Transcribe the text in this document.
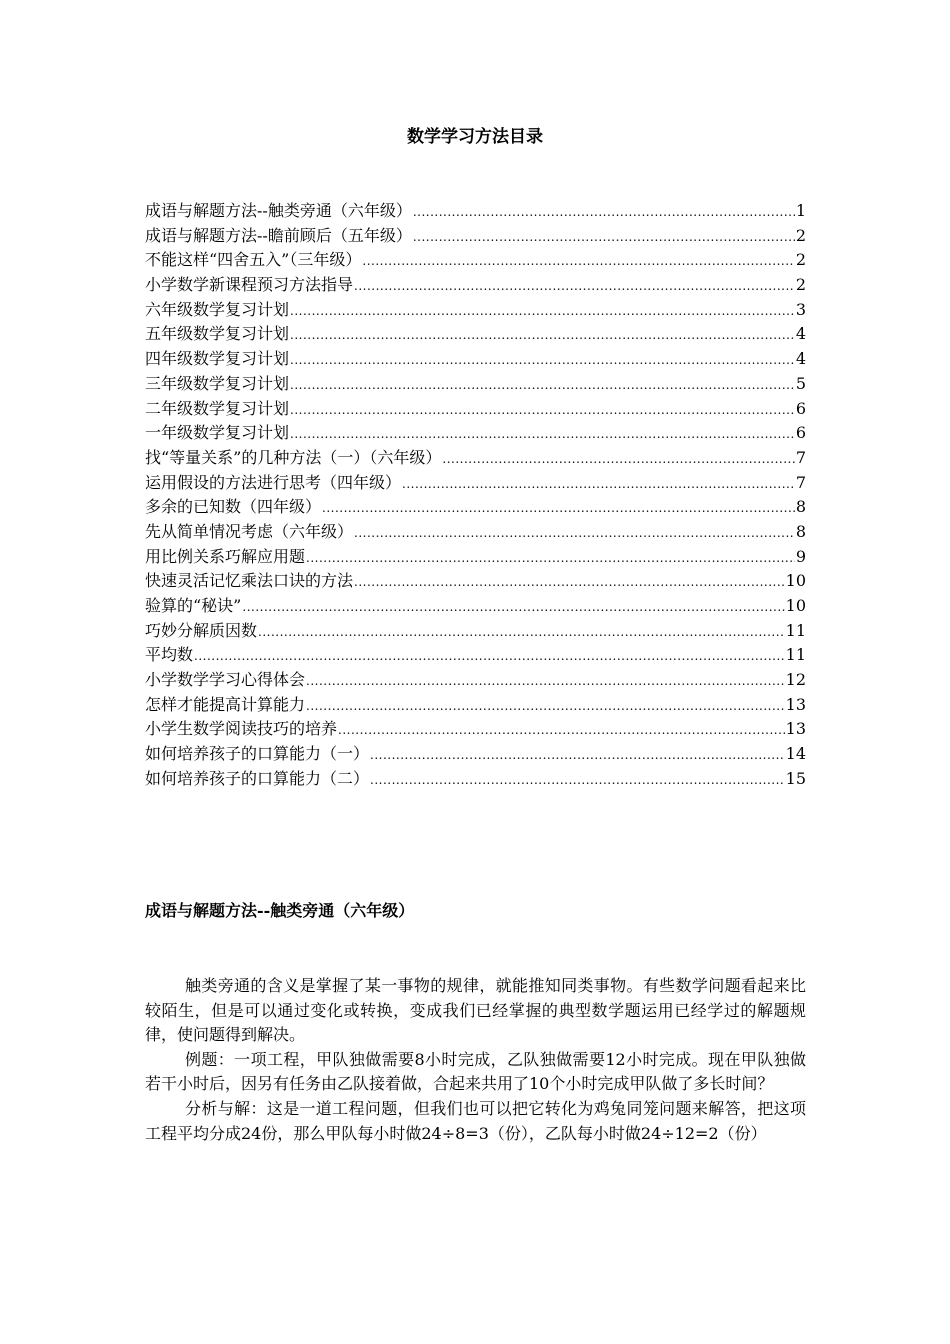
数学学习方法目录
成语与解题方法--触类旁通（六年级） .....	1
成语与解题方法--瞻前顾后（五年级） .....	2
不能这样“四舍五入”（三年级） .....	2
小学数学新课程预习方法指导 .....	2
六年级数学复习计划 .....	3
五年级数学复习计划 .....	4
四年级数学复习计划 .....	4
三年级数学复习计划 .....	5
二年级数学复习计划 .....	6
一年级数学复习计划 .....	6
找“等量关系”的几种方法（一）（六年级） .....	7
运用假设的方法进行思考（四年级） .....	7
多余的已知数（四年级） .....	8
先从简单情况考虑（六年级） .....	8
用比例关系巧解应用题 .....	9
快速灵活记忆乘法口诀的方法 .....	10
验算的“秘诀” .....	10
巧妙分解质因数 .....	11
平均数 .....	11
小学数学学习心得体会 .....	12
怎样才能提高计算能力 .....	13
小学生数学阅读技巧的培养 .....	13
如何培养孩子的口算能力（一） .....	14
如何培养孩子的口算能力（二） .....	15
成语与解题方法--触类旁通（六年级）

触类旁通的含义是掌握了某一事物的规律，就能推知同类事物。有些数学问题看起来比较陌生，但是可以通过变化或转换，变成我们已经掌握的典型数学题运用已经学过的解题规律，使问题得到解决。

例题：一项工程，甲队独做需要8小时完成，乙队独做需要12小时完成。现在甲队独做若干小时后，因另有任务由乙队接着做，合起来共用了10个小时完成甲队做了多长时间？

分析与解：这是一道工程问题，但我们也可以把它转化为鸡兔同笼问题来解答，把这项工程平均分成24份，那么甲队每小时做24÷8=3（份），乙队每小时做24÷12=2（份）
